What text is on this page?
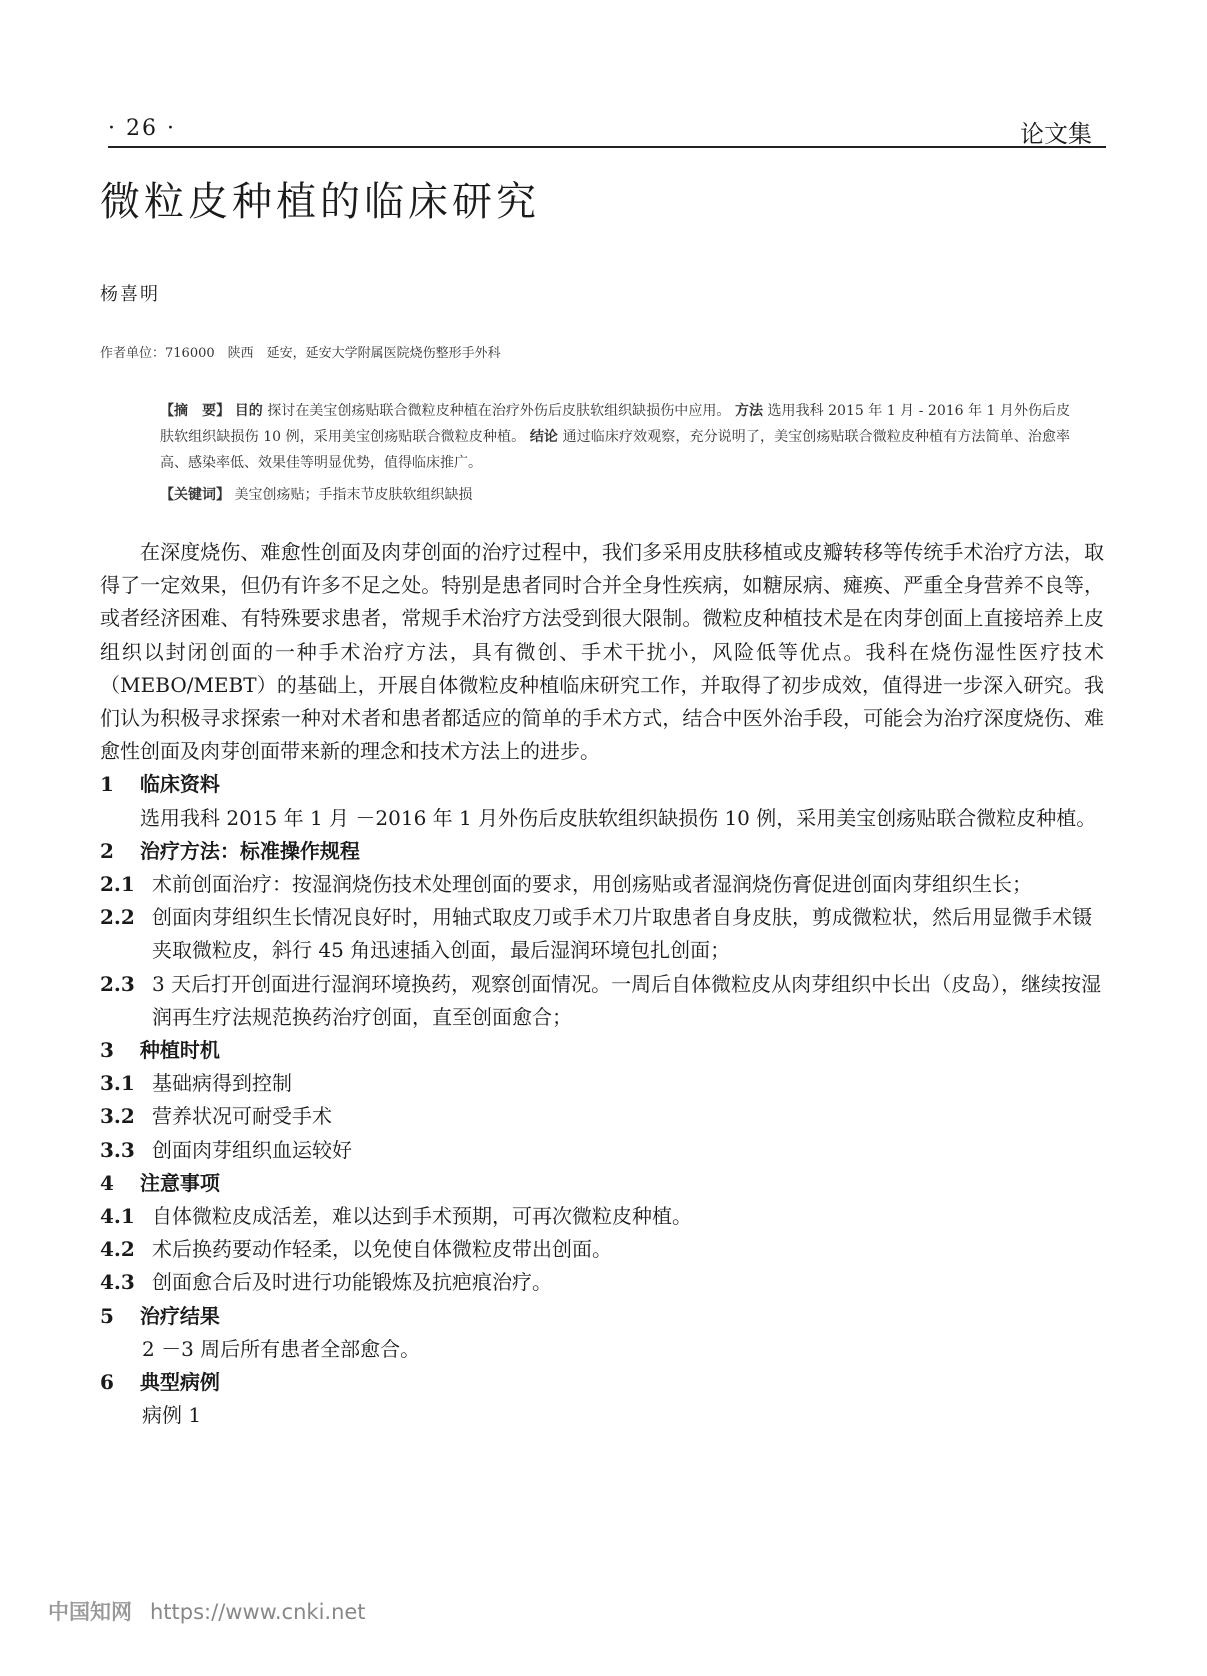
· 26 ·	论文集
微粒皮种植的临床研究
杨喜明
作者单位：716000　陕西　延安，延安大学附属医院烧伤整形手外科
【摘　要】 目的 探讨在美宝创疡贴联合微粒皮种植在治疗外伤后皮肤软组织缺损伤中应用。 方法 选用我科 2015 年 1 月 - 2016 年 1 月外伤后皮肤软组织缺损伤 10 例，采用美宝创疡贴联合微粒皮种植。 结论 通过临床疗效观察，充分说明了，美宝创疡贴联合微粒皮种植有方法简单、治愈率高、感染率低、效果佳等明显优势，值得临床推广。
【关键词】 美宝创疡贴；手指末节皮肤软组织缺损

在深度烧伤、难愈性创面及肉芽创面的治疗过程中，我们多采用皮肤移植或皮瓣转移等传统手术治疗方法，取得了一定效果，但仍有许多不足之处。特别是患者同时合并全身性疾病，如糖尿病、瘫痪、严重全身营养不良等，或者经济困难、有特殊要求患者，常规手术治疗方法受到很大限制。微粒皮种植技术是在肉芽创面上直接培养上皮组织以封闭创面的一种手术治疗方法，具有微创、手术干扰小，风险低等优点。我科在烧伤湿性医疗技术（MEBO/MEBT）的基础上，开展自体微粒皮种植临床研究工作，并取得了初步成效，值得进一步深入研究。我们认为积极寻求探索一种对术者和患者都适应的简单的手术方式，结合中医外治手段，可能会为治疗深度烧伤、难愈性创面及肉芽创面带来新的理念和技术方法上的进步。

1 临床资料

选用我科 2015 年 1 月 －2016 年 1 月外伤后皮肤软组织缺损伤 10 例，采用美宝创疡贴联合微粒皮种植。

2 治疗方法：标准操作规程
2.1 术前创面治疗：按湿润烧伤技术处理创面的要求，用创疡贴或者湿润烧伤膏促进创面肉芽组织生长；
2.2 创面肉芽组织生长情况良好时，用轴式取皮刀或手术刀片取患者自身皮肤，剪成微粒状，然后用显微手术镊夹取微粒皮，斜行 45 角迅速插入创面，最后湿润环境包扎创面；
2.3 3 天后打开创面进行湿润环境换药，观察创面情况。一周后自体微粒皮从肉芽组织中长出（皮岛），继续按湿润再生疗法规范换药治疗创面，直至创面愈合；
3 种植时机
3.1 基础病得到控制
3.2 营养状况可耐受手术
3.3 创面肉芽组织血运较好
4 注意事项
4.1 自体微粒皮成活差，难以达到手术预期，可再次微粒皮种植。
4.2 术后换药要动作轻柔，以免使自体微粒皮带出创面。
4.3 创面愈合后及时进行功能锻炼及抗疤痕治疗。
5 治疗结果

2 －3 周后所有患者全部愈合。

6 典型病例

病例 1

中国知网 https://www.cnki.net
